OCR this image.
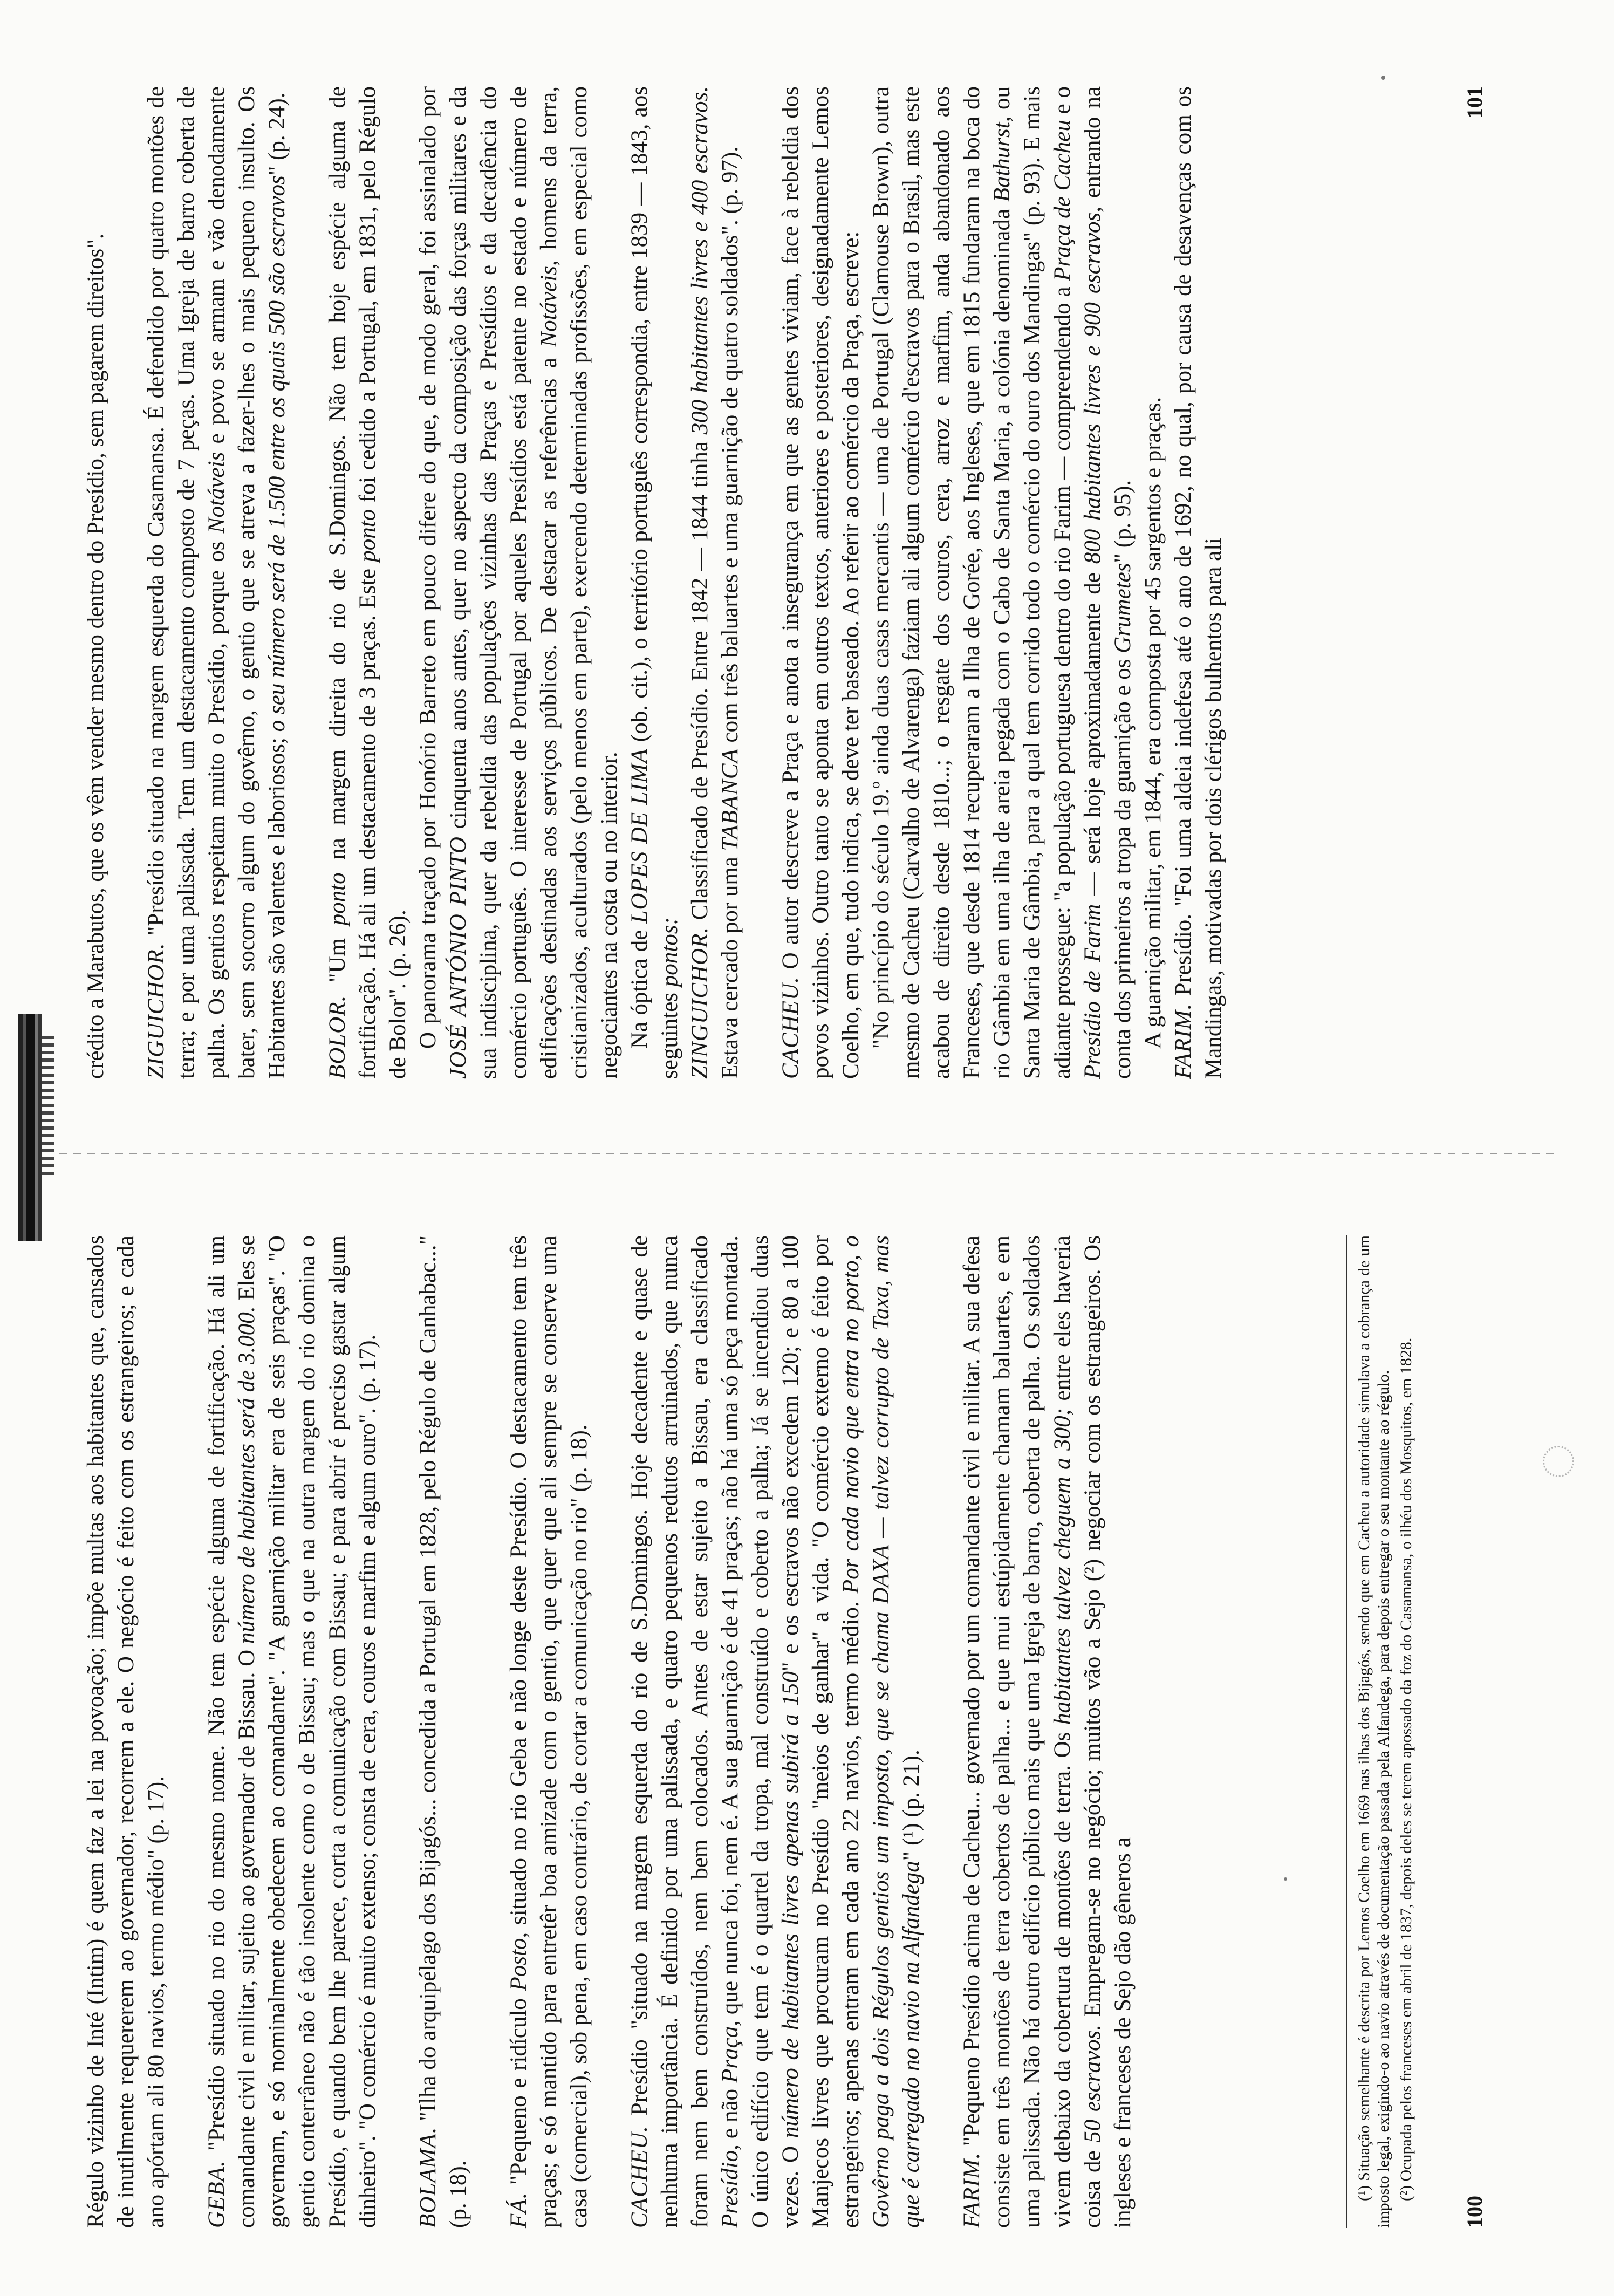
Régulo vizinho de Inté (Intim) é quem faz a lei na povoação; impõe multas aos habitantes que, cansados de inutilmente requererem ao governador, recorrem a ele. O negócio é feito com os estrangeiros; e cada ano apórtam ali 80 navios, termo médio" (p. 17). GEBA. "Presídio situado no rio do mesmo nome. Não tem espécie alguma de fortificação. Há ali um comandante civil e militar, sujeito ao governador de Bissau. O número de habitantes será de 3.000. Eles se governam, e só nominalmente obedecem ao comandante". "A guarnição militar era de seis praças". "O gentio conterrâneo não é tão insolente como o de Bissau; mas o que na outra margem do rio domina o Presídio, e quando bem lhe parece, corta a comunicação com Bissau; e para abrir é preciso gastar algum dinheiro". "O comércio é muito extenso; consta de cera, couros e marfim e algum ouro". (p. 17). BOLAMA. "Ilha do arquipélago dos Bijagós... concedida a Portugal em 1828, pelo Régulo de Canhabac..." (p. 18). FÁ. "Pequeno e ridículo Posto, situado no rio Geba e não longe deste Presídio. O destacamento tem três praças; e só mantido para entretêr boa amizade com o gentio, que quer que ali sempre se conserve uma casa (comercial), sob pena, em caso contrário, de cortar a comunicação no rio" (p. 18). CACHEU. Presídio "situado na margem esquerda do rio de S.Domingos. Hoje decadente e quase de nenhuma importância. É definido por uma palissada, e quatro pequenos redutos arruinados, que nunca foram nem bem construídos, nem bem colocados. Antes de estar sujeito a Bissau, era classificado Presídio, e não Praça, que nunca foi, nem é. A sua guarnição é de 41 praças; não há uma só peça montada. O único edifício que tem é o quartel da tropa, mal construído e coberto a palha; Já se incendiou duas vezes. O número de habitantes livres apenas subirá a 150" e os escravos não excedem 120; e 80 a 100 Manjecos livres que procuram no Presídio "meios de ganhar" a vida. "O comércio externo é feito por estrangeiros; apenas entram em cada ano 22 navios, termo médio. Por cada navio que entra no porto, o Govêrno paga a dois Régulos gentios um imposto, que se chama DAXA — talvez corrupto de Taxa, mas que é carregado no navio na Alfandega" (¹) (p. 21).

FARIM. "Pequeno Presídio acima de Cacheu... governado por um comandante civil e militar. A sua defesa consiste em três montões de terra cobertos de palha... e que mui estúpidamente chamam baluartes, e em uma palissada. Não há outro edifício público mais que uma Igreja de barro, coberta de palha. Os soldados vivem debaixo da cobertura de montões de terra. Os habitantes talvez cheguem a 300; entre eles haveria coisa de 50 escravos. Empregam-se no negócio; muitos vão a Sejo (²) negociar com os estrangeiros. Os ingleses e franceses de Sejo dão gêneros a	(¹) Situação semelhante é descrita por Lemos Coelho em 1669 nas ilhas dos Bijagós, sendo que em Cacheu a autoridade simulava a cobrança de um imposto legal, exigindo-o ao navio através de documentação passada pela Alfandega, para depois entregar o seu montante ao régulo. (²) Ocupada pelos franceses em abril de 1837, depois deles se terem apossado da foz do Casamansa, o ilhéu dos Mosquitos, em 1828.

100

crédito a Marabutos, que os vêm vender mesmo dentro do Presídio, sem pagarem direitos". ZIGUICHOR. "Presídio situado na margem esquerda do Casamansa. É defendido por quatro montões de terra; e por uma palissada. Tem um destacamento composto de 7 peças. Uma Igreja de barro coberta de palha. Os gentios respeitam muito o Presídio, porque os Notáveis e povo se armam e vão denodamente bater, sem socorro algum do govêrno, o gentio que se atreva a fazer-lhes o mais pequeno insulto. Os Habitantes são valentes e laboriosos; o seu número será de 1.500 entre os quais 500 são escravos" (p. 24).

BOLOR. "Um ponto na margem direita do rio de S.Domingos. Não tem hoje espécie alguma de fortificação. Há ali um destacamento de 3 praças. Este ponto foi cedido a Portugal, em 1831, pelo Régulo de Bolor". (p. 26). O panorama traçado por Honório Barreto em pouco difere do que, de modo geral, foi assinalado por JOSÉ ANTÓNIO PINTO cinquenta anos antes, quer no aspecto da composição das forças militares e da sua indisciplina, quer da rebeldia das populações vizinhas das Praças e Presídios e da decadência do comércio português. O interesse de Portugal por aqueles Presídios está patente no estado e número de edificações destinadas aos serviços públicos. De destacar as referências a Notáveis, homens da terra, cristianizados, aculturados (pelo menos em parte), exercendo determinadas profissões, em especial como negociantes na costa ou no interior. Na óptica de LOPES DE LIMA (ob. cit.), o território português correspondia, entre 1839 — 1843, aos seguintes pontos: ZINGUICHOR. Classificado de Presídio. Entre 1842 — 1844 tinha 300 habitantes livres e 400 escravos. Estava cercado por uma TABANCA com três baluartes e uma guarnição de quatro soldados". (p. 97).

CACHEU. O autor descreve a Praça e anota a insegurança em que as gentes viviam, face à rebeldia dos povos vizinhos. Outro tanto se aponta em outros textos, anteriores e posteriores, designadamente Lemos Coelho, em que, tudo indica, se deve ter baseado. Ao referir ao comércio da Praça, escreve: "No princípio do século 19.º ainda duas casas mercantis — uma de Portugal (Clamouse Brown), outra mesmo de Cacheu (Carvalho de Alvarenga) faziam ali algum comércio d'escravos para o Brasil, mas este acabou de direito desde 1810...; o resgate dos couros, cera, arroz e marfim, anda abandonado aos Franceses, que desde 1814 recuperaram a Ilha de Gorée, aos Ingleses, que em 1815 fundaram na boca do rio Gâmbia em uma ilha de areia pegada com o Cabo de Santa Maria, a colónia denominada Bathurst, ou Santa Maria de Gâmbia, para a qual tem corrido todo o comércio do ouro dos Mandingas" (p. 93). E mais adiante prossegue: "a população portuguesa dentro do rio Farim — compreendendo a Praça de Cacheu e o Presídio de Farim — será hoje aproximadamente de 800 habitantes livres e 900 escravos, entrando na conta dos primeiros a tropa da guarnição e os Grumetes" (p. 95). A guarnição militar, em 1844, era composta por 45 sargentos e praças. FARIM. Presídio. "Foi uma aldeia indefesa até o ano de 1692, no qual, por causa de desavenças com os Mandingas, motivadas por dois clérigos bulhentos para ali

101
